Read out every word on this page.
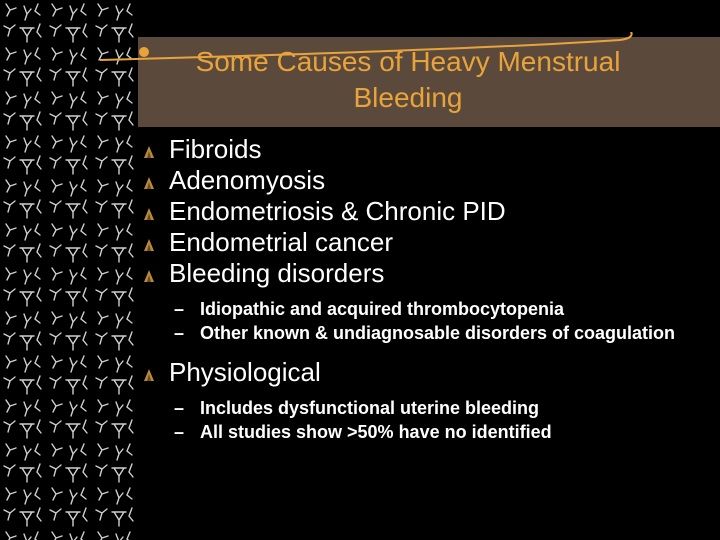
Some Causes of Heavy Menstrual Bleeding
Fibroids
Adenomyosis
Endometriosis & Chronic PID
Endometrial cancer
Bleeding disorders
– Idiopathic and acquired thrombocytopenia
– Other known & undiagnosable disorders of coagulation
Physiological
– Includes dysfunctional uterine bleeding
– All studies show >50% have no identified
